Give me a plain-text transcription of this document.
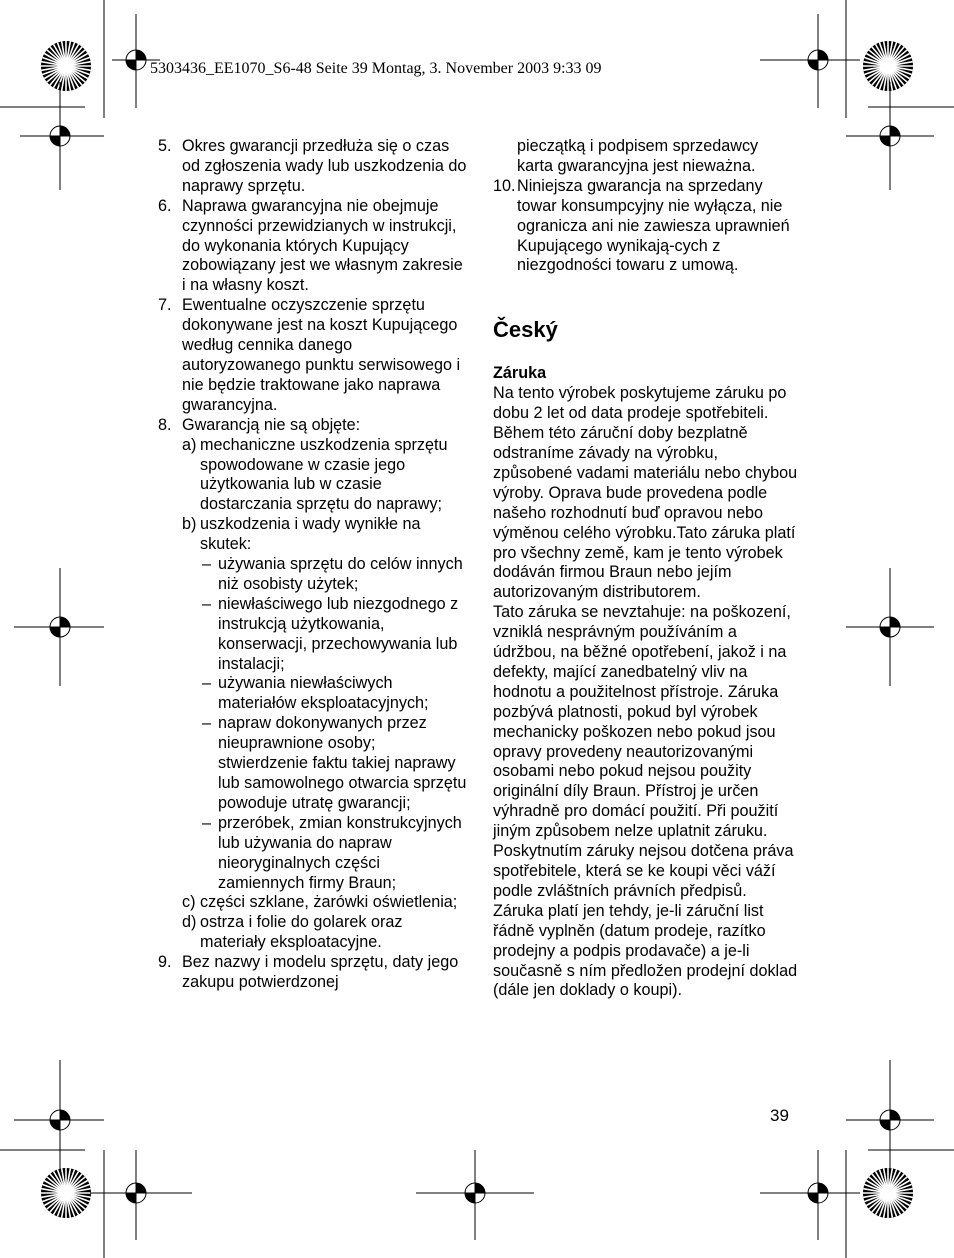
5303436_EE1070_S6-48 Seite 39 Montag, 3. November 2003 9:33 09
5. Okres gwarancji przedłuża się o czas od zgłoszenia wady lub uszkodzenia do naprawy sprzętu.
6. Naprawa gwarancyjna nie obejmuje czynności przewidzianych w instrukcji, do wykonania których Kupujący zobowiązany jest we własnym zakresie i na własny koszt.
7. Ewentualne oczyszczenie sprzętu dokonywane jest na koszt Kupującego według cennika danego autoryzowanego punktu serwisowego i nie będzie traktowane jako naprawa gwarancyjna.
8. Gwarancją nie są objęte:
a) mechaniczne uszkodzenia sprzętu spowodowane w czasie jego użytkowania lub w czasie dostarczania sprzętu do naprawy;
b) uszkodzenia i wady wynikłe na skutek:
– używania sprzętu do celów innych niż osobisty użytek;
– niewłaściwego lub niezgodnego z instrukcją użytkowania, konserwacji, przechowywania lub instalacji;
– używania niewłaściwych materiałów eksploatacyjnych;
– napraw dokonywanych przez nieuprawnione osoby; stwierdzenie faktu takiej naprawy lub samowolnego otwarcia sprzętu powoduje utratę gwarancji;
– przeróbek, zmian konstrukcyjnych lub używania do napraw nieoryginalnych części zamiennych firmy Braun;
c) części szklane, żarówki oświetlenia;
d) ostrza i folie do golarek oraz materiały eksploatacyjne.
9. Bez nazwy i modelu sprzętu, daty jego zakupu potwierdzonej
pieczątką i podpisem sprzedawcy karta gwarancyjna jest nieważna.
10. Niniejsza gwarancja na sprzedany towar konsumpcyjny nie wyłącza, nie ogranicza ani nie zawiesza uprawnień Kupującego wynikają-cych z niezgodności towaru z umową.
Český
Záruka
Na tento výrobek poskytujeme záruku po dobu 2 let od data prodeje spotřebiteli. Během této záruční doby bezplatně odstraníme závady na výrobku, způsobené vadami materiálu nebo chybou výroby. Oprava bude provedena podle našeho rozhodnutí buď opravou nebo výměnou celého výrobku.Tato záruka platí pro všechny země, kam je tento výrobek dodáván firmou Braun nebo jejím autorizovaným distributorem.
Tato záruka se nevztahuje: na poškození, vzniklá nesprávným používáním a údržbou, na běžné opotřebení, jakož i na defekty, mající zanedbatelný vliv na hodnotu a použitelnost přístroje. Záruka pozbývá platnosti, pokud byl výrobek mechanicky poškozen nebo pokud jsou opravy provedeny neautorizovanými osobami nebo pokud nejsou použity originální díly Braun. Přístroj je určen výhradně pro domácí použití. Při použití jiným způsobem nelze uplatnit záruku. Poskytnutím záruky nejsou dotčena práva spotřebitele, která se ke koupi věci váží podle zvláštních právních předpisů.
Záruka platí jen tehdy, je-li záruční list řádně vyplněn (datum prodeje, razítko prodejny a podpis prodavače) a je-li současně s ním předložen prodejní doklad (dále jen doklady o koupi).
39
